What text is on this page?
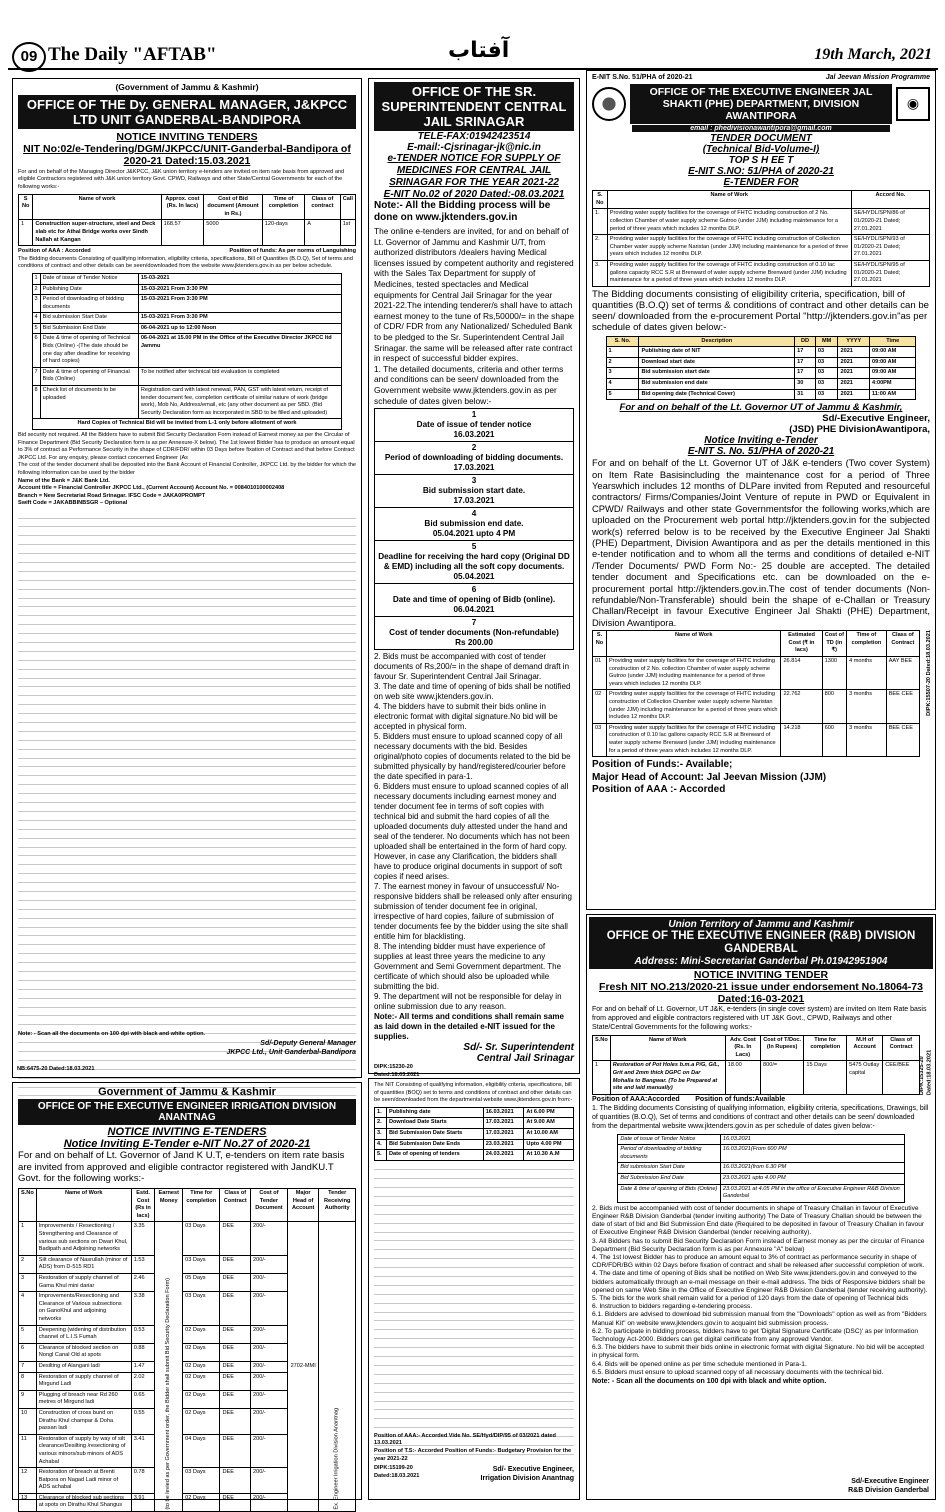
09 The Daily "AFTAB"	آفتاب	19th March, 2021
(Government of Jammu & Kashmir)
OFFICE OF THE Dy. GENERAL MANAGER, J&KPCC LTD UNIT GANDERBAL-BANDIPORA
NOTICE INVITING TENDERS
NIT No:02/e-Tendering/DGM/JKPCC/UNIT-Ganderbal-Bandipora of 2020-21 Dated:15.03.2021
For and on behalf of the Managing Director J&KPCC, J&K union territory e-tenders are invited on item rate basis from approved and eligible Contractors registered with J&K union territory Govt. CPWD, Railways and other State/Central Governments for each of the following works:-
S No	Name of work	Approx. cost (Rs. In lacs)	Cost of Bid document (Amount in Rs.)	Time of completion	Class of contract	Call
1	Construction super-structure, steel and Deck slab etc for Athal Bridge works over Sindh Nallah at Kangan	168.57	5000	120-days	A	1st
Position of AAA : Accorded	Position of funds: As per norms of Languishing
The Bidding documents Consisting of qualifying information, eligibility criteria, specifications, Bill of Quantities (B.O.Q), Set of terms and conditions of contract and other details can be seen/downloaded from the website www.jktenders.gov.in as per below schedule.
1	Date of issue of Tender Notice	15-03-2021
2	Publishing Date	15-03-2021 From 3:30 PM
3	Period of downloading of bidding documents	15-03-2021 From 3:30 PM
4	Bid submission Start Date	15-03-2021 From 3:30 PM
5	Bid Submission End Date	06-04-2021 up to 12:00 Noon
6	Date & time of opening of Technical Bids (Online) -(The date should be one day after deadline for receiving of hard copies)	06-04-2021 at 15.00 PM in the Office of the Executive Director JKPCC ltd Jammu
7	Date & time of opening of Financial Bids (Online)	To be notified after technical bid evaluation is completed
8	Check list of documents to be uploaded	Registration card with latest renewal, PAN, GST with latest return, receipt of tender document fee, completion certificate of similar nature of work (bridge work), Mob No, Address/email, etc (any other document as per SBD. (Bid Security Declaration form as incorporated in SBD to be filled and uploaded)
Hard Copies of Technical Bid will be invited from L-1 only before allotment of work		
Bid security not required. All the Bidders have to submit Bid Security Declaration Form instead of Earnest money as per the Circular of Finance Department (Bid Security Declaration form is as per Annexure-X below). The 1st lowest Bidder has to produce an amount equal to 3% of contract as Performance Security in the shape of CDR/FDR/ within 03 Days before fixation of Contract and that before Contract JKPCC Ltd. For any enquiry, please contact concerned Engineer (As
The cost of the tender document shall be deposited into the Bank Account of Financial Controller, JKPCC Ltd. by the bidder for which the following information can be used by the bidder
Name of the Bank = J&K Bank Ltd.
Account title = Financial Controller JKPCC Ltd., (Current Account) Account No. = 0084010100002408
Branch = New Secretariat Road Srinagar. IFSC Code = JAKA0PROMPT
Swift Code = JAKABBINBSGR – Optional
Note: - Scan all the documents on 100 dpi with black and white option.
Sd/-Deputy General Manager
JKPCC Ltd., Unit Ganderbal-Bandipora
NB:6475-20 Dated:18.03.2021
Government of Jammu & Kashmir
OFFICE OF THE EXECUTIVE ENGINEER IRRIGATION DIVISION ANANTNAG
NOTICE INVITING E-TENDERS
Notice Inviting E-Tender e-NIT No.27 of 2020-21
For and on behalf of Lt. Governor of Jand K U.T, e-tenders on item rate basis are invited from approved and eligible contractor registered with JandKU.T Govt. for the following works:-
S.No	Name of Work	Estd. Cost (Rs in lacs)	Earnest Money	Time for completion	Class of Contract	Cost of Tender Document	Major Head of Account	Tender Receiving Authority
1	Improvements / Resectioning / Strengthening and Clearance of various sub sections on Dwari Khul, Badipath and Adjoining networks	3.35	(to be levied as per Government order, the Bidder shall submit Bid Security Declaration Form)	03 Days	DEE	200/-	2702-MMI	Ex. Engineer Irrigation Division Anantnag
2	Silt clearance of Nasrullah (minor of ADS) from D-515 RD1	1.53		03 Days	DEE	200/-		
3	Restoration of supply channel of Gama Khul mini dariar	2.46		05 Days	DEE	200/-		
4	Improvements/Resectioning and Clearance of Various subsections on GanoKhul and adjoining networks	3.38		03 Days	DEE	200/-		
5	Deepening (widening of distribution channel of L.I.S Fumah	0.53		02 Days	DEE	200/-		
6	Clearance of blocked section on Nongl Canal Old at spots	0.88		02 Days	DEE	200/-		
7	Desilting of Alangani ladi	1.47		02 Days	DEE	200/-		
8	Restoration of supply channel of Mirgund Ladi	2.02		02 Days	DEE	200/-		
9	Plugging of breach near Rd 260 metres of Mirgund ladi	0.65		02 Days	DEE	200/-		
10	Construction of cross bund on Dirathu Khul champar & Doha passan ladi	0.55		02 Days	DEE	200/-		
11	Restoration of supply by way of silt clearance/Desilting /resectioning of various minors/sub minors of ADS Achabal	3.41		04 Days	DEE	200/-		
12	Restoration of breach at Brenti Batpora on Nagad Ladi minor of ADS achabal	0.78		03 Days	DEE	200/-		
13	Clearance of blocked sub sections at spots on Dirathu Khul Shangus	3.91		02 Days	DEE	200/-		
OFFICE OF THE SR. SUPERINTENDENT CENTRAL JAIL SRINAGAR
TELE-FAX:01942423514
E-mail:-Cjsrinagar-jk@nic.in
e-TENDER NOTICE FOR SUPPLY OF MEDICINES FOR CENTRAL JAIL SRINAGAR FOR THE YEAR 2021-22
E-NIT No.02 of 2020 Dated:-08.03.2021
Note:- All the Bidding process will be done on www.jktenders.gov.in
The online e-tenders are invited, for and on behalf of Lt. Governor of Jammu and Kashmir U/T, from authorized distributors /dealers having Medical licenses issued by competent authority and registered with the Sales Tax Department for supply of Medicines, tested spectacles and Medical equipments for Central Jail Srinagar for the year 2021-22.The intending tenderer/s shall have to attach earnest money to the tune of Rs,50000/= in the shape of CDR/ FDR from any Nationalized/ Scheduled Bank to be pledged to the Sr. Superintendent Central Jail Srinagar. the same will be released after rate contract in respect of successful bidder expires.
1. The detailed documents, criteria and other terms and conditions can be seen/ downloaded from the Government website www.jktenders.gov.in as per schedule of dates given below:-
1
Date of issue of tender notice
16.03.2021
2
Period of downloading of bidding documents.
17.03.2021
3
Bid submission start date.
17.03.2021
4
Bid submission end date.
05.04.2021 upto 4 PM
5
Deadline for receiving the hard copy (Original DD & EMD) including all the soft copy documents.
05.04.2021
6
Date and time of opening of Bidb (online).
06.04.2021
7
Cost of tender documents (Non-refundable)
Rs 200.00
2. Bids must be accompanied with cost of tender documents of Rs,200/= in the shape of demand draft in favour Sr. Superintendent Central Jail Srinagar.
3. The date and time of opening of bids shall be notified on web site www.jktenders.gov.in.
4. The bidders have to submit their bids online in electronic format with digital signature.No bid will be accepted in physical form.
5. Bidders must ensure to upload scanned copy of all necessary documents with the bid. Besides original/photo copies of documents related to the bid be submitted physically by hand/registered/courier before the date specified in para-1.
6. Bidders must ensure to upload scanned copies of all necessary documents including earnest money and tender document fee in terms of soft copies with technical bid and submit the hard copies of all the uploaded documents duly attested under the hand and seal of the tenderer. No documents which has not been uploaded shall be entertained in the form of hard copy. However, in case any Clarification, the bidders shall have to produce original documents in support of soft copies if need arises.
7. The earnest money in favour of unsuccessful/ No-responsive bidders shall be released only after ensuring submission of tender document fee in original, irrespective of hard copies, failure of submission of tender documents fee by the bidder using the site shall entitle him for blacklisting.
8. The intending bidder must have experience of supplies at least three years the medicine to any Government and Semi Government department. The certificate of which should also be uploaded while submitting the bid.
9. The department will not be responsible for delay in online submission due to any reason.
Note:- All terms and conditions shall remain same as laid down in the detailed e-NIT issued for the supplies.
Sd/- Sr. Superintendent
Central Jail Srinagar
DIPK:15230-20
Dated:18.03.2021
The NIT Consisting of qualifying information, eligibility criteria, specifications, bill of quantities (BOQ) set to terms and conditions of contract and other details can be seen/downloaded from the departmental website www.jktenders.gov.in from:-
1.	Publishing date	16.03.2021	At 6.00 PM
2.	Download Date Starts	17.03.2021	At 9.00 AM
3.	Bid Submission Date Starts	17.03.2021	At 10.00 AM
4.	Bid Submission Date Ends	23.03.2021	Upto 4.00 PM
5.	Date of opening of tenders	24.03.2021	At 10.30 A.M
Position of AAA:- Accorded Vide No. SE/Hyd/DIP/95 of 03/2021 dated 13.03.2021
Position of T.S:- Accorded Position of Funds:- Budgetary Provision for the year 2021-22
DIPK:15199-20
Dated:18.03.2021
Sd/- Executive Engineer,
Irrigation Division Anantnag
E-NIT S.No. 51/PHA of 2020-21	Jal Jeevan Mission Programme
OFFICE OF THE EXECUTIVE ENGINEER JAL SHAKTI (PHE) DEPARTMENT, DIVISION AWANTIPORA
◉
email : phedivisionawantipora@gmail.com
TENDER DOCUMENT
(Technical Bid-Volume-I)
TOP S H EE T
E-NIT S.NO: 51/PHA of 2020-21
E-TENDER FOR
S. No	Name of Work	Accord No.
1.	Providing water supply facilities for the coverage of FHTC including construction of 2 No. collection Chamber of water supply scheme Gutroo (under JJM) including maintenance for a period of three years which includes 12 months DLP.	SE/HYDL/SPN/86 of 01/2020-21 Dated; 27.01.2021
2.	Providing water supply facilities for the coverage of FHTC including construction of Collection Chamber water supply scheme Naristan (under JJM) including maintenance for a period of three years which includes 12 months DLP.	SE/HYDL/SPN/93 of 01/2020-21 Dated; 27.01.2021
3.	Providing water supply facilities for the coverage of FHTC including construction of 0.10 lac gallons capacity RCC S.R at Brenward of water supply scheme Brenward (under JJM) including maintenance for a period of three years which includes 12 months DLP.	SE/HYDL/SPN/95 of 01/2020-21 Dated; 27.01.2021
The Bidding documents consisting of eligibility criteria, specification, bill of quantities (B.O.Q) set of terms & conditions of contract and other details can be seen/ downloaded from the e-procurement Portal "http://jktenders.gov.in"as per schedule of dates given below:-
S. No.	Description	DD	MM	YYYY	Time
1	Publishing date of NIT	17	03	2021	09:00 AM
2	Download start date	17	03	2021	09:00 AM
3	Bid submission start date	17	03	2021	09:00 AM
4	Bid submission end date	30	03	2021	4:00PM
5	Bid opening date (Technical Cover)	31	03	2021	11:00 AM
For and on behalf of the Lt. Governor UT of Jammu & Kashmir,
Sd/-Executive Engineer,
(JSD) PHE DivisionAwantipora,
Notice Inviting e-Tender
E-NIT S. No. 51/PHA of 2020-21
For and on behalf of the Lt. Governor UT of J&K e-tenders (Two cover System) on Item Rate Basisincluding the maintenance cost for a period of Three Yearswhich includes 12 months of DLPare invited from Reputed and resourceful contractors/ Firms/Companies/Joint Venture of repute in PWD or Equivalent in CPWD/ Railways and other state Governmentsfor the following works,which are uploaded on the Procurement web portal http://jktenders.gov.in for the subjected work(s) referred below is to be received by the Executive Engineer Jal Shakti (PHE) Department, Division Awantipora and as per the details mentioned in this e-tender notification and to whom all the terms and conditions of detailed e-NIT /Tender Documents/ PWD Form No:- 25 double are accepted. The detailed tender document and Specifications etc. can be downloaded on the e-procurement portal http://jktenders.gov.in.The cost of tender documents (Non-refundable/Non-Transferable) should bein the shape of e-Challan or Treasury Challan/Receipt in favour Executive Engineer Jal Shakti (PHE) Department, Division Awantipora.
S. No	Name of Work	Estimated Cost (₹ in lacs)	Cost of TD (in ₹)	Time of completion	Class of Contract
01	Providing water supply facilities for the coverage of FHTC including construction of 2 No. collection Chamber of water supply scheme Gutroo (under JJM) including maintenance for a period of three years which includes 12 months DLP.	26.814	1300	4 months	AAY BEE
02	Providing water supply facilities for the coverage of FHTC including construction of Collection Chamber water supply scheme Naristan (under JJM) including maintenance for a period of three years which includes 12 months DLP.	22.762	800	3 months	BEE CEE
03	Providing water supply facilities for the coverage of FHTC including construction of 0.10 lac gallons capacity RCC S.R at Brenward of water supply scheme Brenward (under JJM) including maintenance for a period of three years which includes 12 months DLP.	14.218	600	3 months	BEE CEE
DIPK:15507-20 Dated:18.03.2021
Position of Funds:- Available;
Major Head of Account: Jal Jeevan Mission (JJM)
Position of AAA :- Accorded
Union Territory of Jammu and Kashmir
OFFICE OF THE EXECUTIVE ENGINEER (R&B) DIVISION GANDERBAL
Address: Mini-Secretariat Ganderbal Ph.01942951904
NOTICE INVITING TENDER
Fresh NIT NO.213/2020-21 issue under endorsement No.18064-73 Dated:16-03-2021
For and on behalf of Lt. Governor, UT J&K, e-tenders (in single cover system) are invited on Item Rate basis from approved and eligible contractors registered with UT J&K Govt., CPWD, Railways and other State/Central Governments for the following works:-
S.No	Name of Work	Adv. Cost (Rs. In Lacs)	Cost of T/Doc. (In Rupees)	Time for completion	M.H of Account	Class of Contract
1	Restoration of Pot Holes b.m.a P/G, G/L, Grit and 2mm thick DGPC on Dar Mohalla to Bangwar. (To be Prepared at site and laid manually)	18.00	800/=	15 Days	5475 Outlay capital	CEE/BEE DIPK:15325-20 Dated:18.03.2021
Position of AAA:Accorded        Position of funds:Available
1. The Bidding documents Consisting of qualifying information, eligibility criteria, specifications, Drawings, bill of quantities (B.O.Q), Set of terms and conditions of contract and other details can be seen/ downloaded from the departmental website www.jktenders.gov.in as per schedule of dates given below:-
Date of issue of Tender Notice	16.03.2021
Period of downloading of bidding documents	16.03.2021(From 600 PM
Bid submission Start Date	16.03.2021(from 6.30 PM
Bid Submission End Date	23.03.2021 upto 4.00 PM
Date & time of opening of Bids (Online)	23.03.2021 at 4.05 PM in the office of Executive Engineer R&B Division Ganderbal
2. Bids must be accompanied with cost of tender documents in shape of Treasury Challan in favour of Executive Engineer R&B Division Ganderbal (tender inviting authority) The Date of Treasury Challan should be between the date of start of bid and Bid Submission End date (Required to be deposited in favour of Treasury Challan in favour of Executive Engineer R&B Division Ganderbal (tender receiving authority).
3. All Bidders has to submit Bid Security Declaration Form instead of Earnest money as per the circular of Finance Department (Bid Security Declaration form is as per Annexure "A" below)
4. The 1st lowest Bidder has to produce an amount equal to 3% of contract as performance security in shape of CDR/FDR/BG within 02 Days before fixation of contract and shall be released after successful completion of work.
4. The date and time of opening of Bids shall be notified on Web Site www.jktenders.gov.in and conveyed to the bidders automatically through an e-mail message on their e-mail address. The bids of Responsive bidders shall be opened on same Web Site in the Office of Executive Engineer R&B Division Ganderbal (tender receiving authority).
5. The bids for the work shall remain valid for a period of 120 days from the date of opening of Technical bids
6. Instruction to bidders regarding e-tendering process.
6.1. Bidders are advised to download bid submission manual from the "Downloads" option as well as from "Bidders Manual Kit" on website www.jktenders.gov.in to acquaint bid submission process.
6.2. To participate in bidding process, bidders have to get 'Digital Signature Certificate (DSC)' as per Information Technology Act-2000. Bidders can get digital certificate from any approved Vendor.
6.3. The bidders have to submit their bids online in electronic format with digital Signature. No bid will be accepted in physical form.
6.4. Bids will be opened online as per time schedule mentioned in Para-1.
6.5. Bidders must ensure to upload scanned copy of all necessary documents with the technical bid.
Note: - Scan all the documents on 100 dpi with black and white option.
Sd/-Executive Engineer
R&B Division Ganderbal
